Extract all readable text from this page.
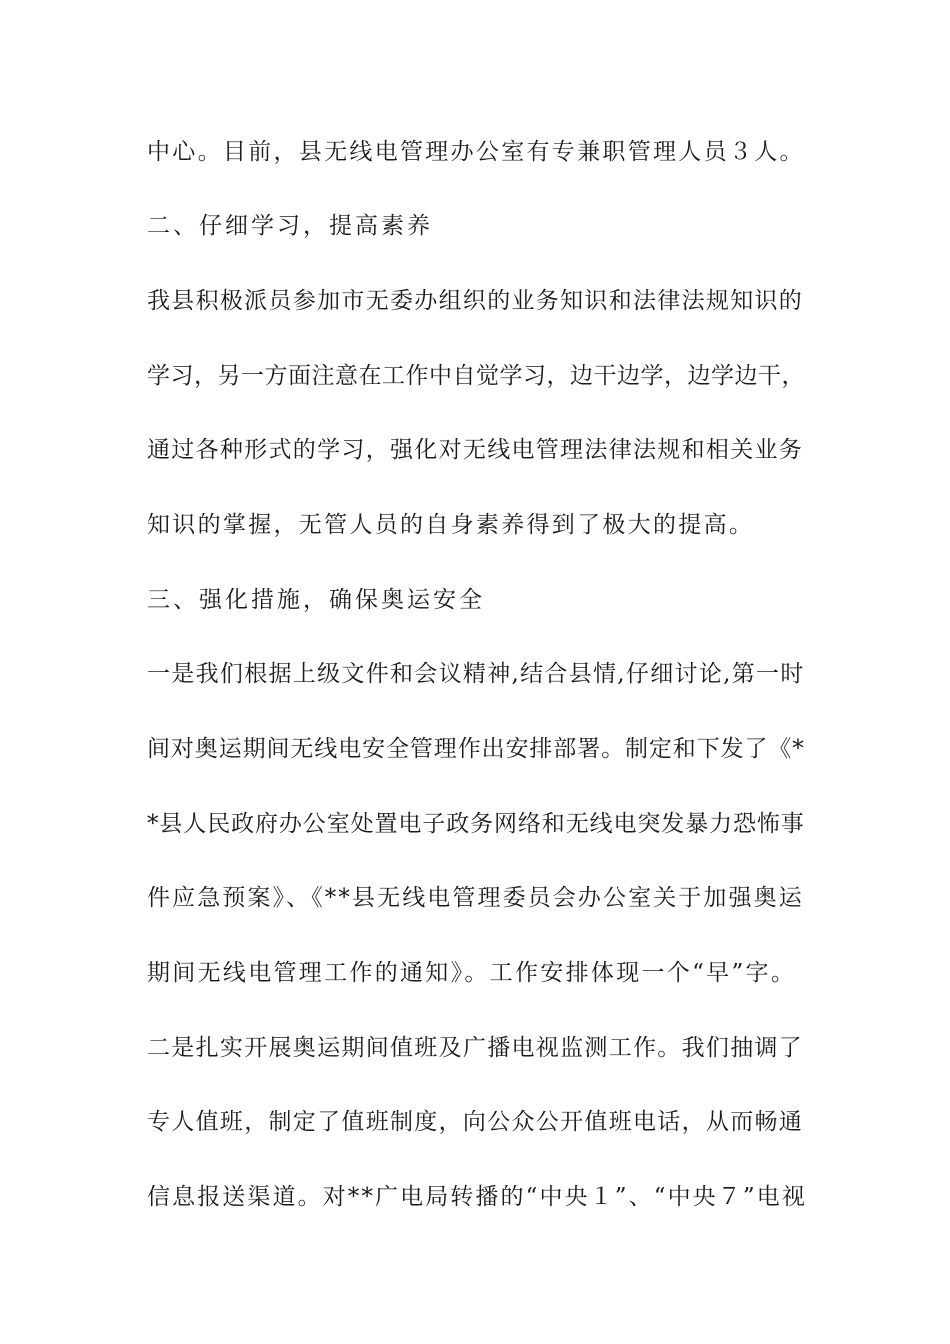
中心。目前，县无线电管理办公室有专兼职管理人员３人。
二、仔细学习，提高素养
我县积极派员参加市无委办组织的业务知识和法律法规知识的
学习，另一方面注意在工作中自觉学习，边干边学，边学边干，
通过各种形式的学习，强化对无线电管理法律法规和相关业务
知识的掌握，无管人员的自身素养得到了极大的提高。
三、强化措施，确保奥运安全
一是我们根据上级文件和会议精神,结合县情,仔细讨论,第一时
间对奥运期间无线电安全管理作出安排部署。制定和下发了《*
*县人民政府办公室处置电子政务网络和无线电突发暴力恐怖事
件应急预案》、《**县无线电管理委员会办公室关于加强奥运
期间无线电管理工作的通知》。工作安排体现一个“早”字。
二是扎实开展奥运期间值班及广播电视监测工作。我们抽调了
专人值班，制定了值班制度，向公众公开值班电话，从而畅通
信息报送渠道。对**广电局转播的“中央１”、“中央７”电视
